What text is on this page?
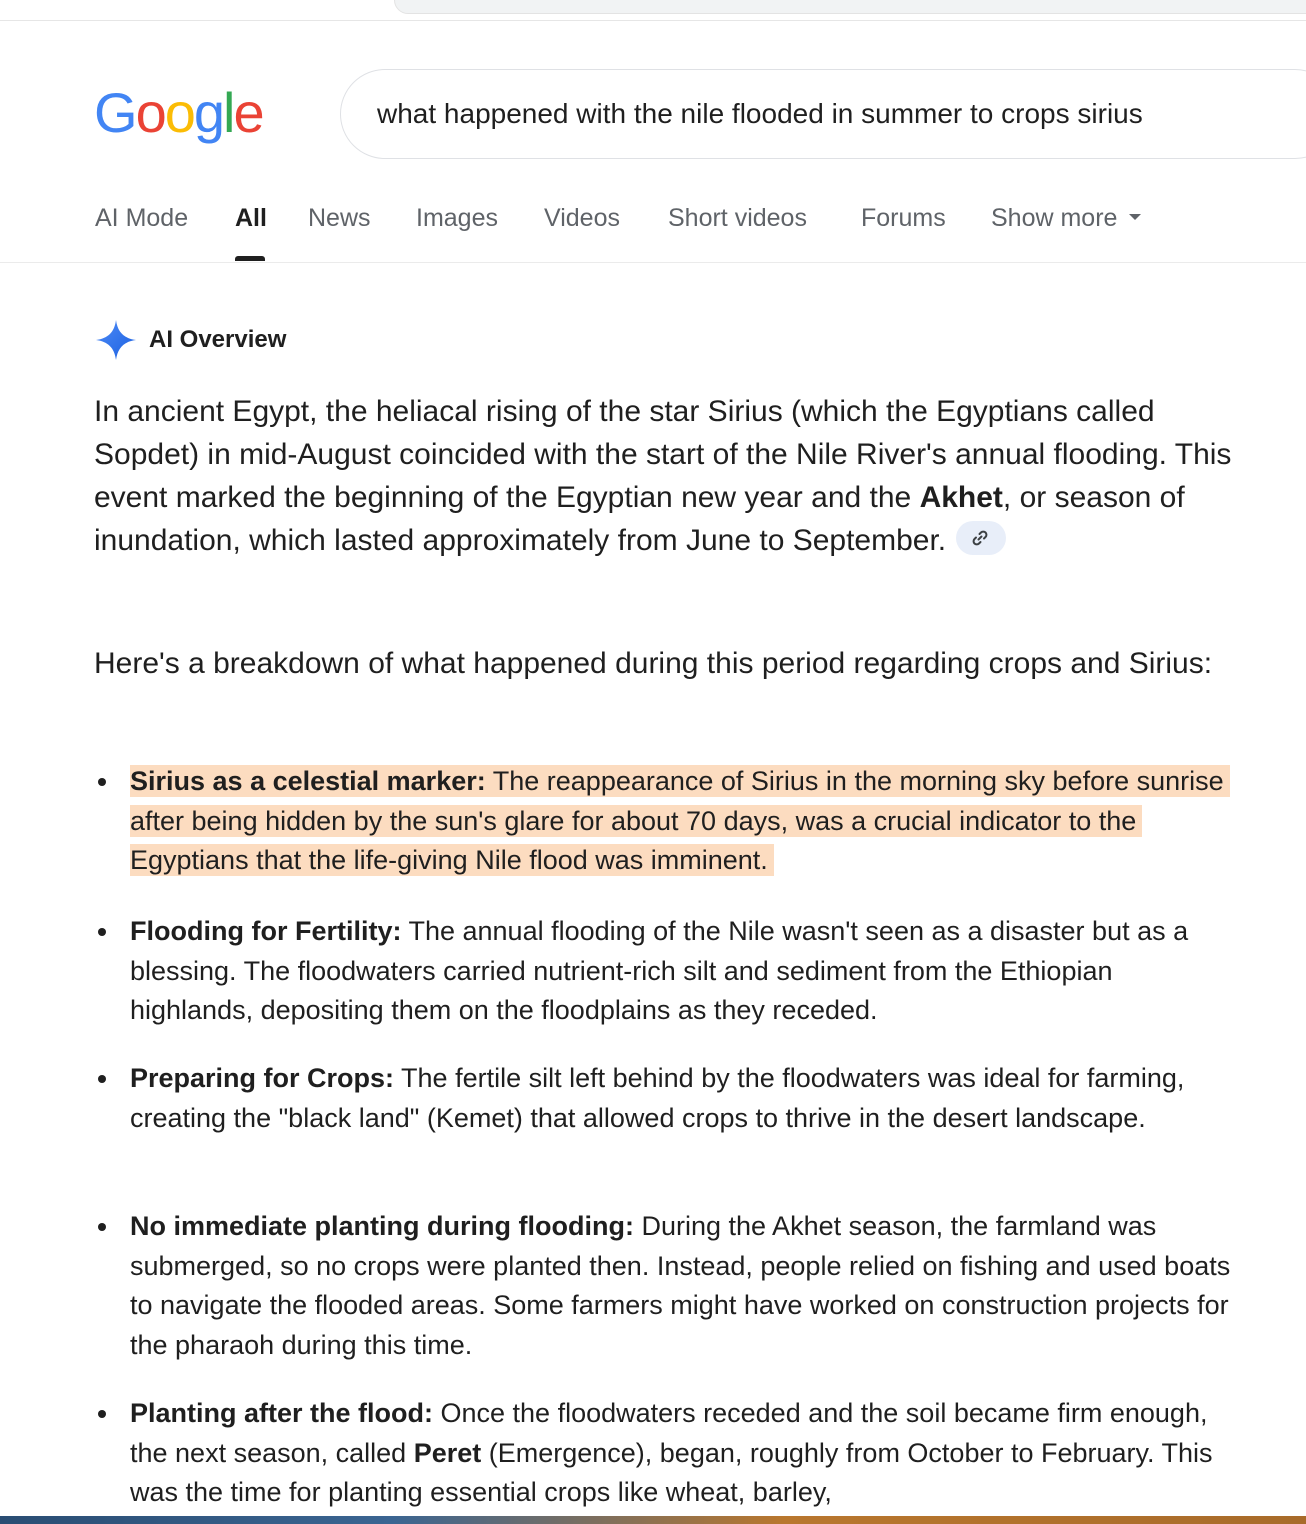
Google
what happened with the nile flooded in summer to crops sirius
AI Mode All News Images Videos Short videos Forums Show more
AI Overview
In ancient Egypt, the heliacal rising of the star Sirius (which the Egyptians called Sopdet) in mid-August coincided with the start of the Nile River's annual flooding. This event marked the beginning of the Egyptian new year and the Akhet, or season of inundation, which lasted approximately from June to September.
Here's a breakdown of what happened during this period regarding crops and Sirius:
Sirius as a celestial marker: The reappearance of Sirius in the morning sky before sunrise after being hidden by the sun's glare for about 70 days, was a crucial indicator to the Egyptians that the life-giving Nile flood was imminent.
Flooding for Fertility: The annual flooding of the Nile wasn't seen as a disaster but as a blessing. The floodwaters carried nutrient-rich silt and sediment from the Ethiopian highlands, depositing them on the floodplains as they receded.
Preparing for Crops: The fertile silt left behind by the floodwaters was ideal for farming, creating the "black land" (Kemet) that allowed crops to thrive in the desert landscape.
No immediate planting during flooding: During the Akhet season, the farmland was submerged, so no crops were planted then. Instead, people relied on fishing and used boats to navigate the flooded areas. Some farmers might have worked on construction projects for the pharaoh during this time.
Planting after the flood: Once the floodwaters receded and the soil became firm enough, the next season, called Peret (Emergence), began, roughly from October to February. This was the time for planting essential crops like wheat, barley,
